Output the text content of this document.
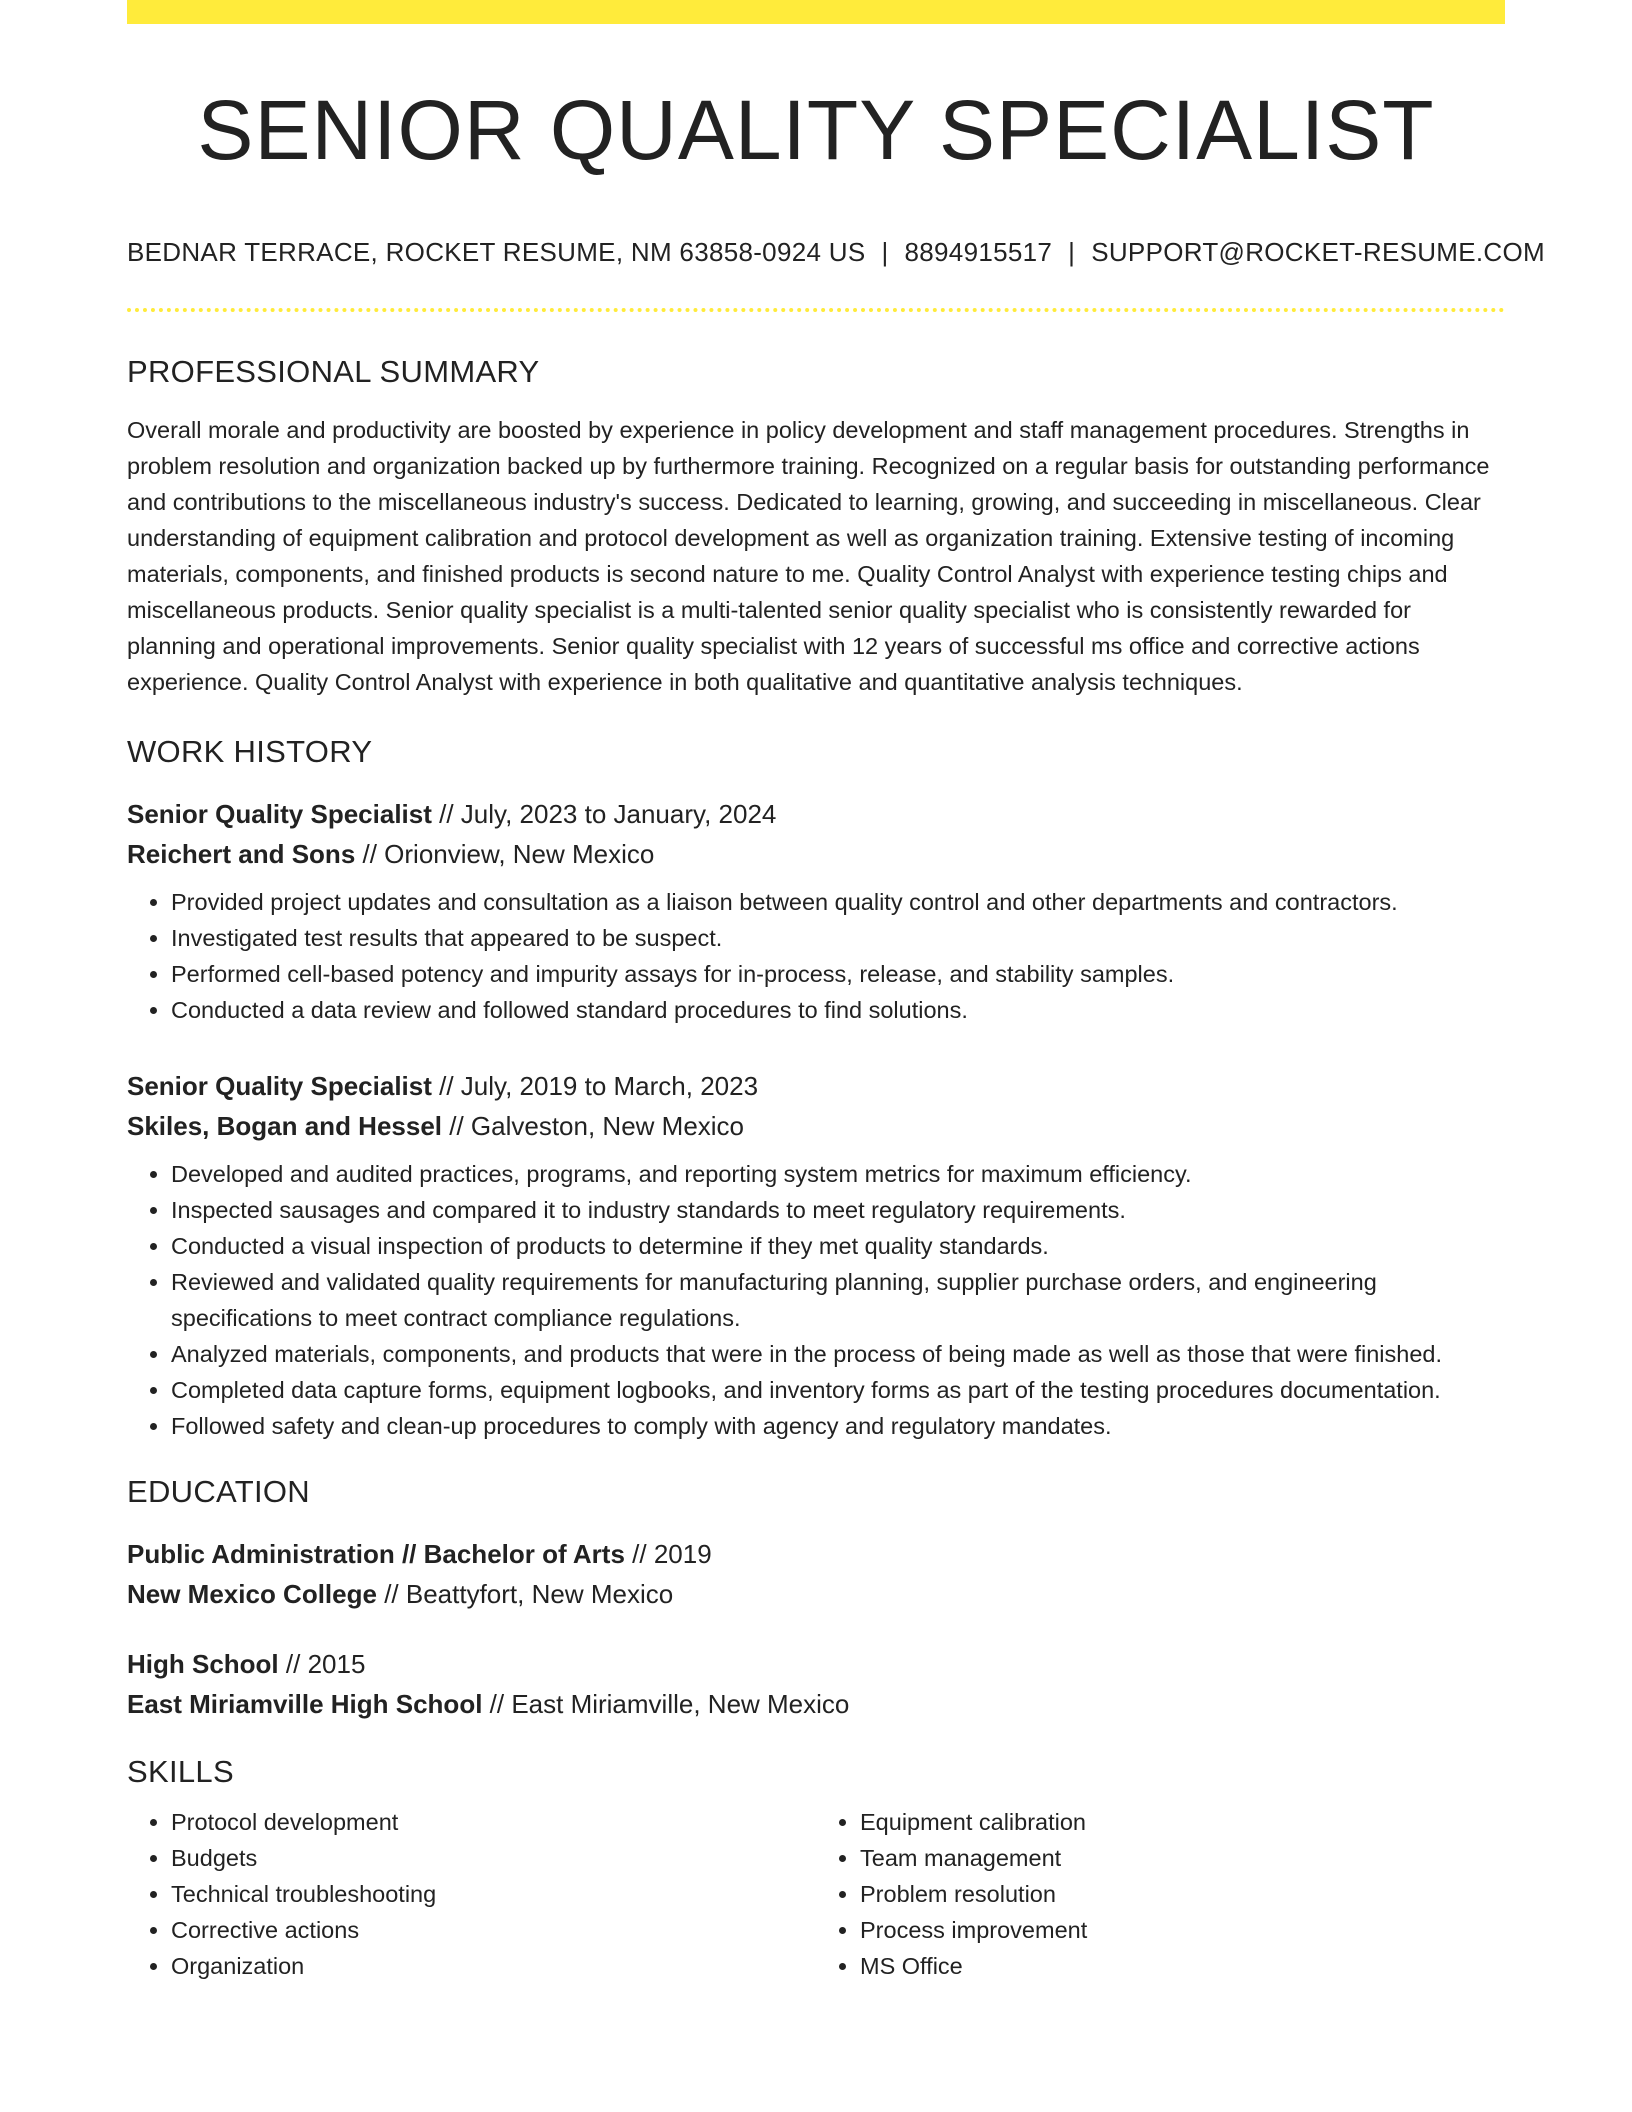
SENIOR QUALITY SPECIALIST
BEDNAR TERRACE, ROCKET RESUME, NM 63858-0924 US | 8894915517 | SUPPORT@ROCKET-RESUME.COM
PROFESSIONAL SUMMARY
Overall morale and productivity are boosted by experience in policy development and staff management procedures. Strengths in problem resolution and organization backed up by furthermore training. Recognized on a regular basis for outstanding performance and contributions to the miscellaneous industry's success. Dedicated to learning, growing, and succeeding in miscellaneous. Clear understanding of equipment calibration and protocol development as well as organization training. Extensive testing of incoming materials, components, and finished products is second nature to me. Quality Control Analyst with experience testing chips and miscellaneous products. Senior quality specialist is a multi-talented senior quality specialist who is consistently rewarded for planning and operational improvements. Senior quality specialist with 12 years of successful ms office and corrective actions experience. Quality Control Analyst with experience in both qualitative and quantitative analysis techniques.
WORK HISTORY
Senior Quality Specialist // July, 2023 to January, 2024
Reichert and Sons // Orionview, New Mexico
• Provided project updates and consultation as a liaison between quality control and other departments and contractors.
• Investigated test results that appeared to be suspect.
• Performed cell-based potency and impurity assays for in-process, release, and stability samples.
• Conducted a data review and followed standard procedures to find solutions.
Senior Quality Specialist // July, 2019 to March, 2023
Skiles, Bogan and Hessel // Galveston, New Mexico
• Developed and audited practices, programs, and reporting system metrics for maximum efficiency.
• Inspected sausages and compared it to industry standards to meet regulatory requirements.
• Conducted a visual inspection of products to determine if they met quality standards.
• Reviewed and validated quality requirements for manufacturing planning, supplier purchase orders, and engineering specifications to meet contract compliance regulations.
• Analyzed materials, components, and products that were in the process of being made as well as those that were finished.
• Completed data capture forms, equipment logbooks, and inventory forms as part of the testing procedures documentation.
• Followed safety and clean-up procedures to comply with agency and regulatory mandates.
EDUCATION
Public Administration // Bachelor of Arts // 2019
New Mexico College // Beattyfort, New Mexico
High School // 2015
East Miriamville High School // East Miriamville, New Mexico
SKILLS
• Protocol development
• Budgets
• Technical troubleshooting
• Corrective actions
• Organization
• Equipment calibration
• Team management
• Problem resolution
• Process improvement
• MS Office
